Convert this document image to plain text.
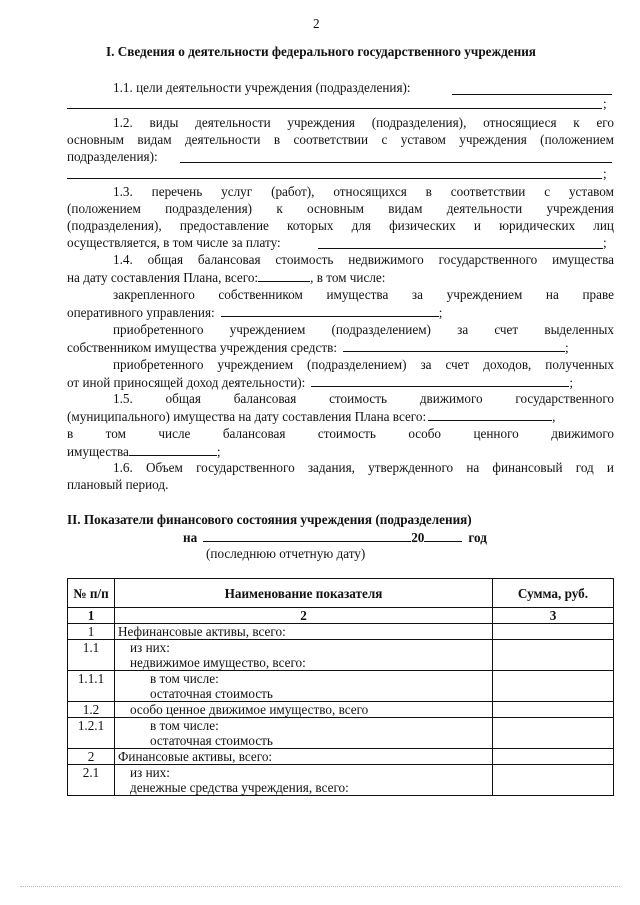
2
I. Сведения о деятельности федерального государственного учреждения
1.1. цели деятельности учреждения (подразделения):
;
1.2. виды деятельности учреждения (подразделения), относящиеся к его
основным видам деятельности в соответствии с уставом учреждения (положением
подразделения):
;
1.3. перечень услуг (работ), относящихся в соответствии с уставом
(положением подразделения) к основным видам деятельности учреждения
(подразделения), предоставление которых для физических и юридических лиц
осуществляется, в том числе за плату:	;
1.4. общая балансовая стоимость недвижимого государственного имущества
на дату составления Плана, всего:	, в том числе:
закрепленного собственником имущества за учреждением на праве
оперативного управления:	;
приобретенного учреждением (подразделением) за счет выделенных
собственником имущества учреждения средств:	;
приобретенного учреждением (подразделением) за счет доходов, полученных
от иной приносящей доход деятельности):	;
1.5. общая балансовая стоимость движимого государственного
(муниципального) имущества на дату составления Плана всего:	,
в том числе балансовая стоимость особо ценного движимого
имущества	;
1.6. Объем государственного задания, утвержденного на финансовый год и
плановый период.
II. Показатели финансового состояния учреждения (подразделения)
на	20	год
(последнюю отчетную дату)
№ п/п	Наименование показателя	Сумма, руб.
1	2	3
1	Нефинансовые активы, всего:	

1.1	из них:
недвижимое имущество, всего:	

1.1.1	в том числе:
остаточная стоимость	

1.2	особо ценное движимое имущество, всего	

1.2.1	в том числе:
остаточная стоимость	

2	Финансовые активы, всего:	

2.1	из них:
денежные средства учреждения, всего:	
